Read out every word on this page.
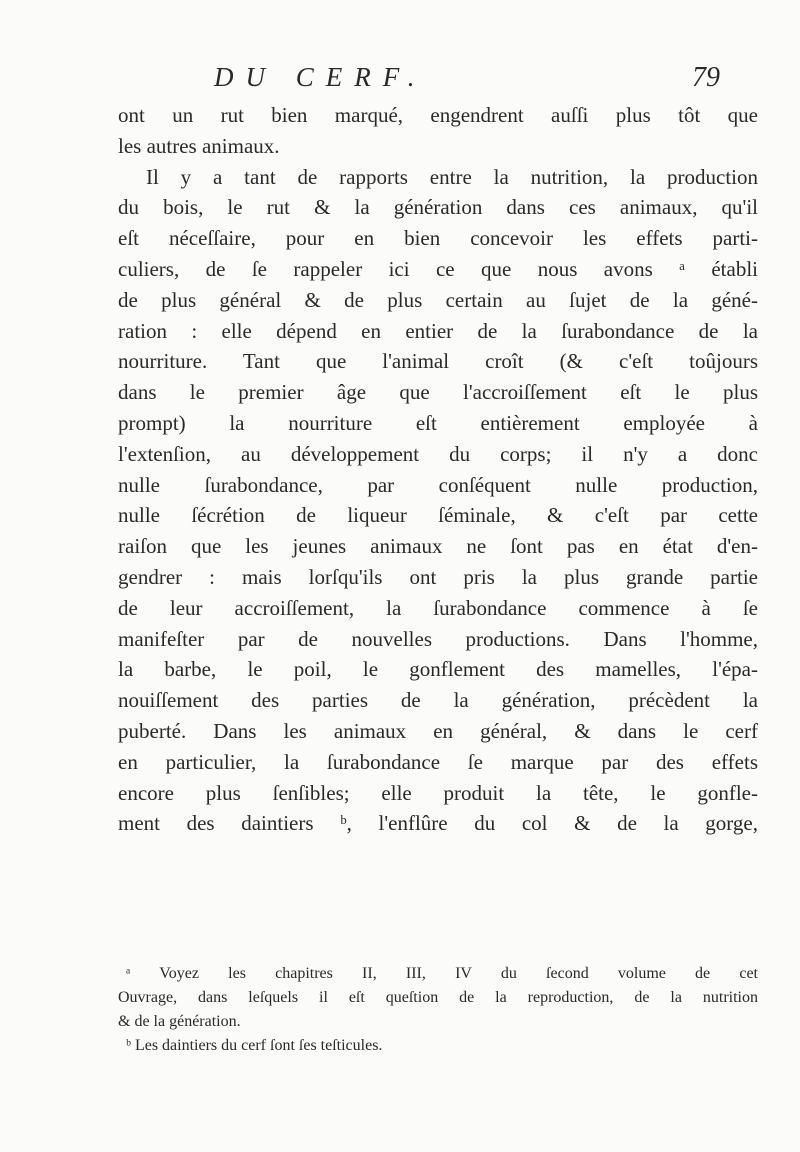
DU CERF.	79
ont un rut bien marqué, engendrent auſſi plus tôt que
les autres animaux.
Il y a tant de rapports entre la nutrition, la production
du bois, le rut & la génération dans ces animaux, qu'il
eſt néceſſaire, pour en bien concevoir les effets parti-
culiers, de ſe rappeler ici ce que nous avons ᵃ établi
de plus général & de plus certain au ſujet de la géné-
ration : elle dépend en entier de la ſurabondance de la
nourriture. Tant que l'animal croît (& c'eſt toûjours
dans le premier âge que l'accroiſſement eſt le plus
prompt) la nourriture eſt entièrement employée à
l'extenſion, au développement du corps; il n'y a donc
nulle ſurabondance, par conſéquent nulle production,
nulle ſécrétion de liqueur ſéminale, & c'eſt par cette
raiſon que les jeunes animaux ne ſont pas en état d'en-
gendrer : mais lorſqu'ils ont pris la plus grande partie
de leur accroiſſement, la ſurabondance commence à ſe
manifeſter par de nouvelles productions. Dans l'homme,
la barbe, le poil, le gonflement des mamelles, l'épa-
nouiſſement des parties de la génération, précèdent la
puberté. Dans les animaux en général, & dans le cerf
en particulier, la ſurabondance ſe marque par des effets
encore plus ſenſibles; elle produit la tête, le gonfle-
ment des daintiers ᵇ, l'enflûre du col & de la gorge,
ᵃ Voyez les chapitres II, III, IV du ſecond volume de cet
Ouvrage, dans leſquels il eſt queſtion de la reproduction, de la nutrition
& de la génération.
ᵇ Les daintiers du cerf ſont ſes teſticules.
